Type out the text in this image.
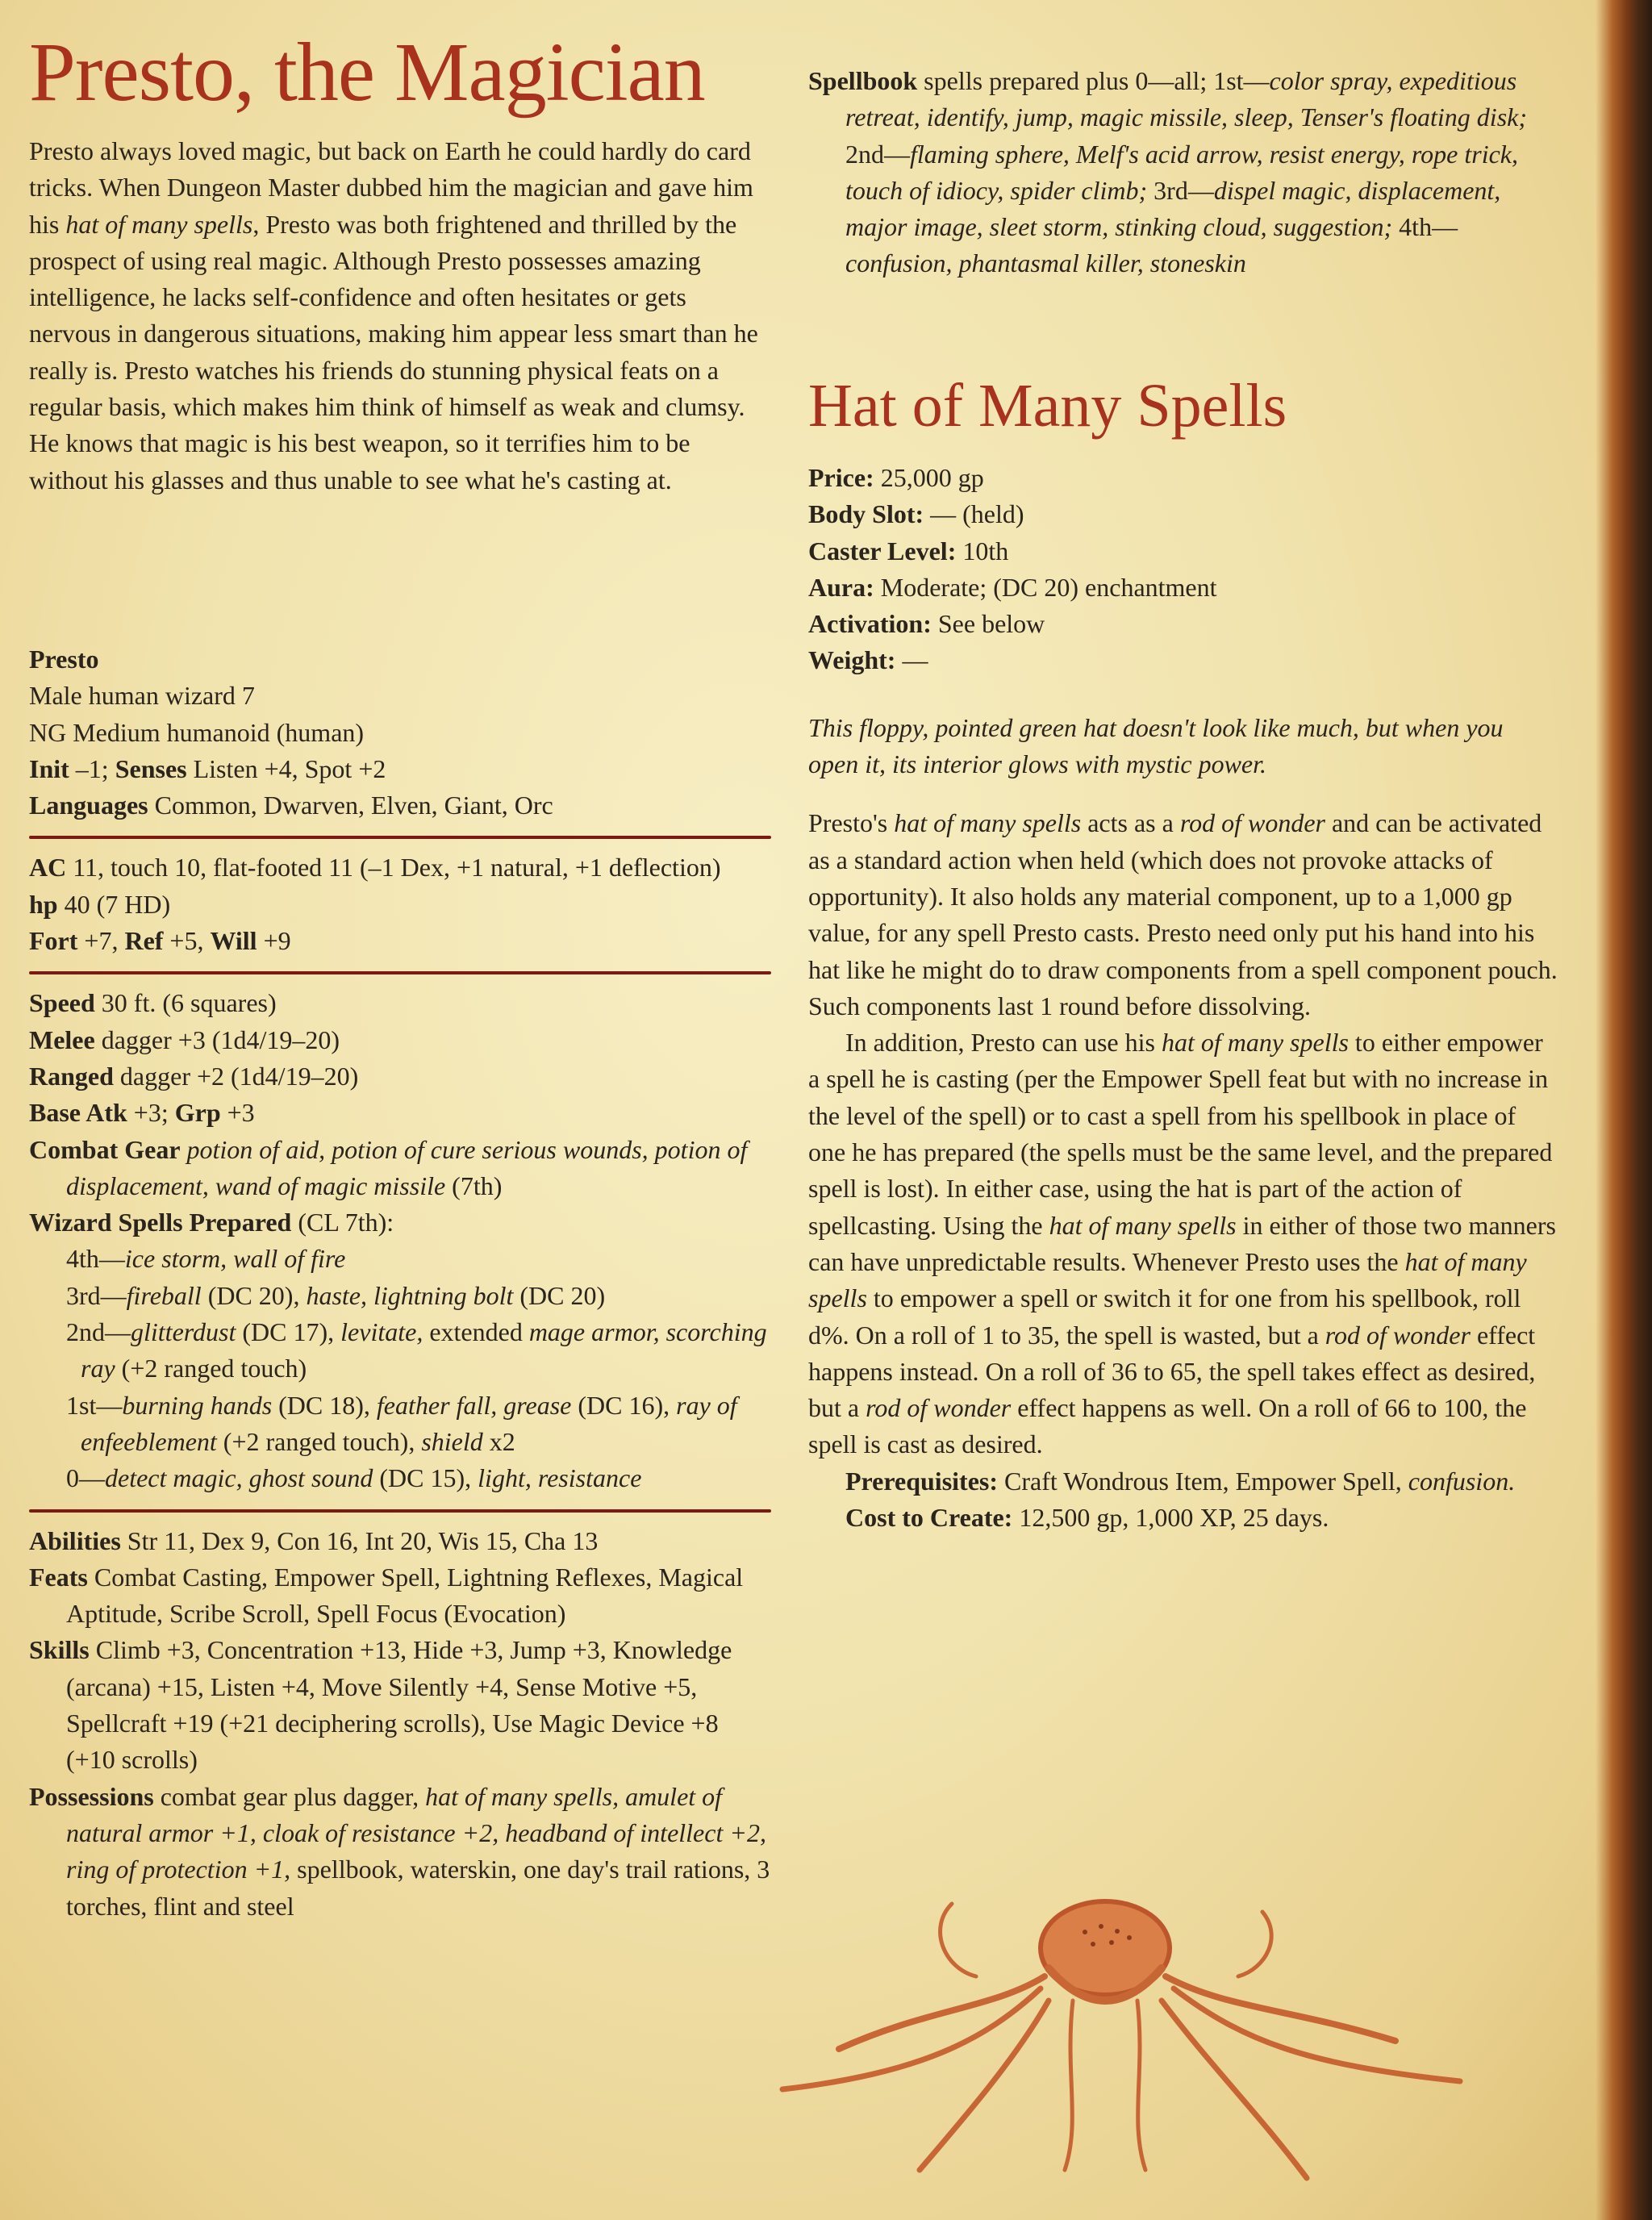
Presto, the Magician

Presto always loved magic, but back on Earth he could hardly do card tricks. When Dungeon Master dubbed him the magician and gave him his hat of many spells, Presto was both frightened and thrilled by the prospect of using real magic. Although Presto possesses amazing intelligence, he lacks self-confidence and often hesitates or gets nervous in dangerous situations, making him appear less smart than he really is. Presto watches his friends do stunning physical feats on a regular basis, which makes him think of himself as weak and clumsy. He knows that magic is his best weapon, so it terrifies him to be without his glasses and thus unable to see what he's casting at.

Presto

Male human wizard 7

NG Medium humanoid (human)

Init –1; Senses Listen +4, Spot +2

Languages Common, Dwarven, Elven, Giant, Orc

AC 11, touch 10, flat-footed 11 (–1 Dex, +1 natural, +1 deflection)

hp 40 (7 HD)

Fort +7, Ref +5, Will +9

Speed 30 ft. (6 squares)

Melee dagger +3 (1d4/19–20)

Ranged dagger +2 (1d4/19–20)

Base Atk +3; Grp +3

Combat Gear potion of aid, potion of cure serious wounds, potion of displacement, wand of magic missile (7th)

Wizard Spells Prepared (CL 7th):

4th—ice storm, wall of fire

3rd—fireball (DC 20), haste, lightning bolt (DC 20)

2nd—glitterdust (DC 17), levitate, extended mage armor, scorching ray (+2 ranged touch)

1st—burning hands (DC 18), feather fall, grease (DC 16), ray of enfeeblement (+2 ranged touch), shield x2

0—detect magic, ghost sound (DC 15), light, resistance

Abilities Str 11, Dex 9, Con 16, Int 20, Wis 15, Cha 13

Feats Combat Casting, Empower Spell, Lightning Reflexes, Magical Aptitude, Scribe Scroll, Spell Focus (Evocation)

Skills Climb +3, Concentration +13, Hide +3, Jump +3, Knowledge (arcana) +15, Listen +4, Move Silently +4, Sense Motive +5, Spellcraft +19 (+21 deciphering scrolls), Use Magic Device +8 (+10 scrolls)

Possessions combat gear plus dagger, hat of many spells, amulet of natural armor +1, cloak of resistance +2, headband of intellect +2, ring of protection +1, spellbook, waterskin, one day's trail rations, 3 torches, flint and steel

Spellbook spells prepared plus 0—all; 1st—color spray, expeditious retreat, identify, jump, magic missile, sleep, Tenser's floating disk; 2nd—flaming sphere, Melf's acid arrow, resist energy, rope trick, touch of idiocy, spider climb; 3rd—dispel magic, displacement, major image, sleet storm, stinking cloud, suggestion; 4th—confusion, phantasmal killer, stoneskin

Hat of Many Spells

Price: 25,000 gp

Body Slot: — (held)

Caster Level: 10th

Aura: Moderate; (DC 20) enchantment

Activation: See below

Weight: —

This floppy, pointed green hat doesn't look like much, but when you open it, its interior glows with mystic power.

Presto's hat of many spells acts as a rod of wonder and can be activated as a standard action when held (which does not provoke attacks of opportunity). It also holds any material component, up to a 1,000 gp value, for any spell Presto casts. Presto need only put his hand into his hat like he might do to draw components from a spell component pouch. Such components last 1 round before dissolving.

In addition, Presto can use his hat of many spells to either empower a spell he is casting (per the Empower Spell feat but with no increase in the level of the spell) or to cast a spell from his spellbook in place of one he has prepared (the spells must be the same level, and the prepared spell is lost). In either case, using the hat is part of the action of spellcasting. Using the hat of many spells in either of those two manners can have unpredictable results. Whenever Presto uses the hat of many spells to empower a spell or switch it for one from his spellbook, roll d%. On a roll of 1 to 35, the spell is wasted, but a rod of wonder effect happens instead. On a roll of 36 to 65, the spell takes effect as desired, but a rod of wonder effect happens as well. On a roll of 66 to 100, the spell is cast as desired.

Prerequisites: Craft Wondrous Item, Empower Spell, confusion.

Cost to Create: 12,500 gp, 1,000 XP, 25 days.
